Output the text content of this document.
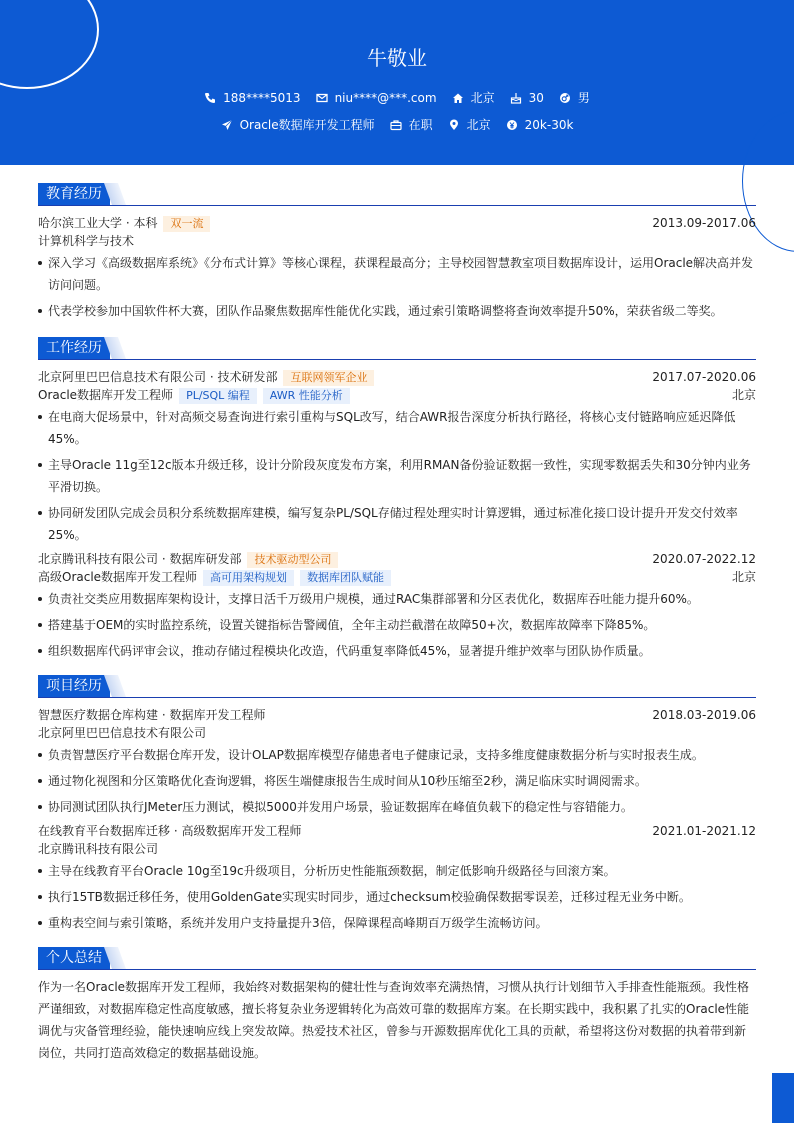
牛敬业
188****5013	niu****@***.com	北京	30	男
Oracle数据库开发工程师	在职	北京	20k-30k
教育经历
哈尔滨工业大学 · 本科 双一流	2013.09-2017.06
计算机科学与技术
深入学习《高级数据库系统》《分布式计算》等核心课程，获课程最高分；主导校园智慧教室项目数据库设计，运用Oracle解决高并发访问问题。
代表学校参加中国软件杯大赛，团队作品聚焦数据库性能优化实践，通过索引策略调整将查询效率提升50%，荣获省级二等奖。
工作经历
北京阿里巴巴信息技术有限公司 · 技术研发部 互联网领军企业	2017.07-2020.06
Oracle数据库开发工程师 PL/SQL 编程 AWR 性能分析	北京
在电商大促场景中，针对高频交易查询进行索引重构与SQL改写，结合AWR报告深度分析执行路径，将核心支付链路响应延迟降低45%。
主导Oracle 11g至12c版本升级迁移，设计分阶段灰度发布方案，利用RMAN备份验证数据一致性，实现零数据丢失和30分钟内业务平滑切换。
协同研发团队完成会员积分系统数据库建模，编写复杂PL/SQL存储过程处理实时计算逻辑，通过标准化接口设计提升开发交付效率25%。
北京腾讯科技有限公司 · 数据库研发部 技术驱动型公司	2020.07-2022.12
高级Oracle数据库开发工程师 高可用架构规划 数据库团队赋能	北京
负责社交类应用数据库架构设计，支撑日活千万级用户规模，通过RAC集群部署和分区表优化，数据库吞吐能力提升60%。
搭建基于OEM的实时监控系统，设置关键指标告警阈值，全年主动拦截潜在故障50+次，数据库故障率下降85%。
组织数据库代码评审会议，推动存储过程模块化改造，代码重复率降低45%，显著提升维护效率与团队协作质量。
项目经历
智慧医疗数据仓库构建 · 数据库开发工程师	2018.03-2019.06
北京阿里巴巴信息技术有限公司
负责智慧医疗平台数据仓库开发，设计OLAP数据库模型存储患者电子健康记录，支持多维度健康数据分析与实时报表生成。
通过物化视图和分区策略优化查询逻辑，将医生端健康报告生成时间从10秒压缩至2秒，满足临床实时调阅需求。
协同测试团队执行JMeter压力测试，模拟5000并发用户场景，验证数据库在峰值负载下的稳定性与容错能力。
在线教育平台数据库迁移 · 高级数据库开发工程师	2021.01-2021.12
北京腾讯科技有限公司
主导在线教育平台Oracle 10g至19c升级项目，分析历史性能瓶颈数据，制定低影响升级路径与回滚方案。
执行15TB数据迁移任务，使用GoldenGate实现实时同步，通过checksum校验确保数据零误差，迁移过程无业务中断。
重构表空间与索引策略，系统并发用户支持量提升3倍，保障课程高峰期百万级学生流畅访问。
个人总结
作为一名Oracle数据库开发工程师，我始终对数据架构的健壮性与查询效率充满热情，习惯从执行计划细节入手排查性能瓶颈。我性格严谨细致，对数据库稳定性高度敏感，擅长将复杂业务逻辑转化为高效可靠的数据库方案。在长期实践中，我积累了扎实的Oracle性能调优与灾备管理经验，能快速响应线上突发故障。热爱技术社区，曾参与开源数据库优化工具的贡献，希望将这份对数据的执着带到新岗位，共同打造高效稳定的数据基础设施。
